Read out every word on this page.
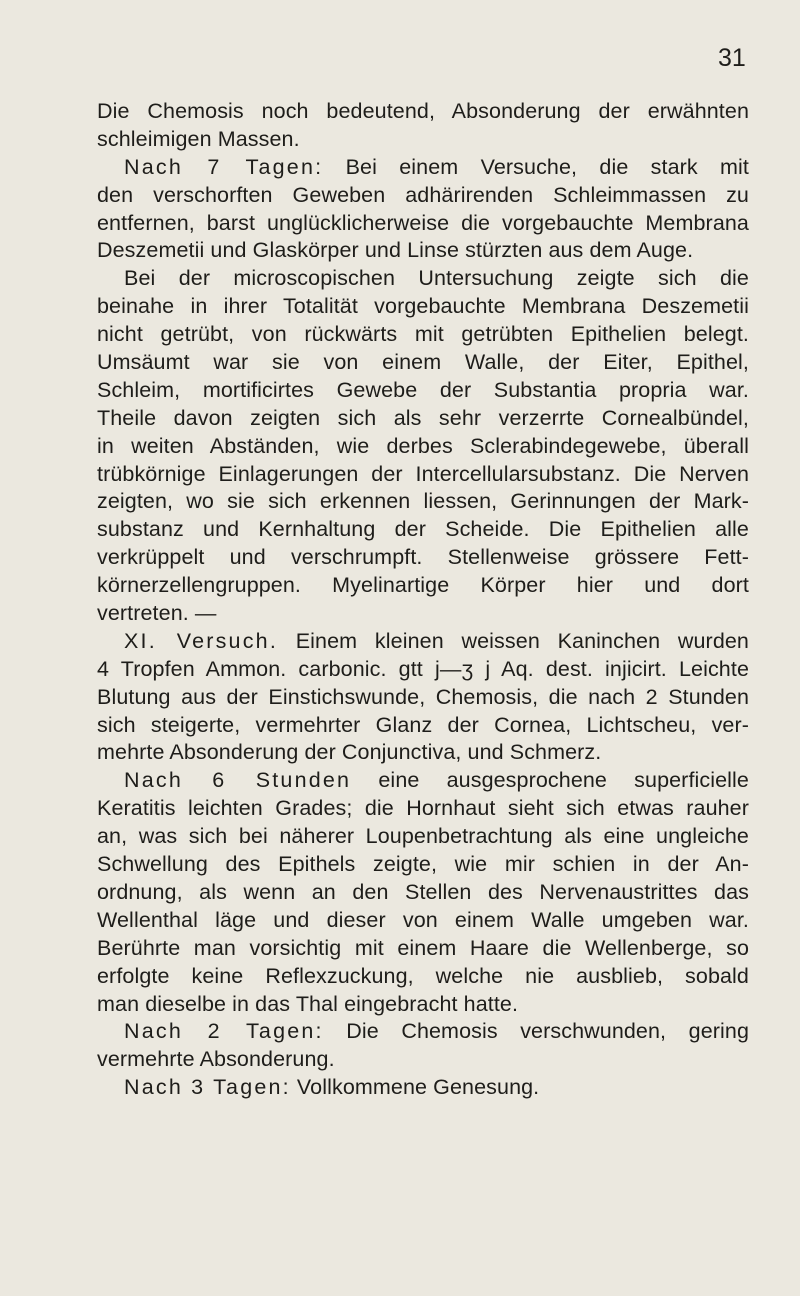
31
Die Chemosis noch bedeutend, Absonderung der erwähnten
schleimigen Massen.
Nach 7 Tagen: Bei einem Versuche, die stark mit
den verschorften Geweben adhärirenden Schleimmassen zu
entfernen, barst unglücklicherweise die vorgebauchte Membrana
Deszemetii und Glaskörper und Linse stürzten aus dem Auge.
Bei der microscopischen Untersuchung zeigte sich die
beinahe in ihrer Totalität vorgebauchte Membrana Deszemetii
nicht getrübt, von rückwärts mit getrübten Epithelien belegt.
Umsäumt war sie von einem Walle, der Eiter, Epithel,
Schleim, mortificirtes Gewebe der Substantia propria war.
Theile davon zeigten sich als sehr verzerrte Cornealbündel,
in weiten Abständen, wie derbes Sclerabindegewebe, überall
trübkörnige Einlagerungen der Intercellularsubstanz. Die Nerven
zeigten, wo sie sich erkennen liessen, Gerinnungen der Mark-
substanz und Kernhaltung der Scheide. Die Epithelien alle
verkrüppelt und verschrumpft. Stellenweise grössere Fett-
körnerzellengruppen. Myelinartige Körper hier und dort
vertreten. —
XI. Versuch. Einem kleinen weissen Kaninchen wurden
4 Tropfen Ammon. carbonic. gtt j—ʒ j Aq. dest. injicirt. Leichte
Blutung aus der Einstichswunde, Chemosis, die nach 2 Stunden
sich steigerte, vermehrter Glanz der Cornea, Lichtscheu, ver-
mehrte Absonderung der Conjunctiva, und Schmerz.
Nach 6 Stunden eine ausgesprochene superficielle
Keratitis leichten Grades; die Hornhaut sieht sich etwas rauher
an, was sich bei näherer Loupenbetrachtung als eine ungleiche
Schwellung des Epithels zeigte, wie mir schien in der An-
ordnung, als wenn an den Stellen des Nervenaustrittes das
Wellenthal läge und dieser von einem Walle umgeben war.
Berührte man vorsichtig mit einem Haare die Wellenberge, so
erfolgte keine Reflexzuckung, welche nie ausblieb, sobald
man dieselbe in das Thal eingebracht hatte.
Nach 2 Tagen: Die Chemosis verschwunden, gering
vermehrte Absonderung.
Nach 3 Tagen: Vollkommene Genesung.
